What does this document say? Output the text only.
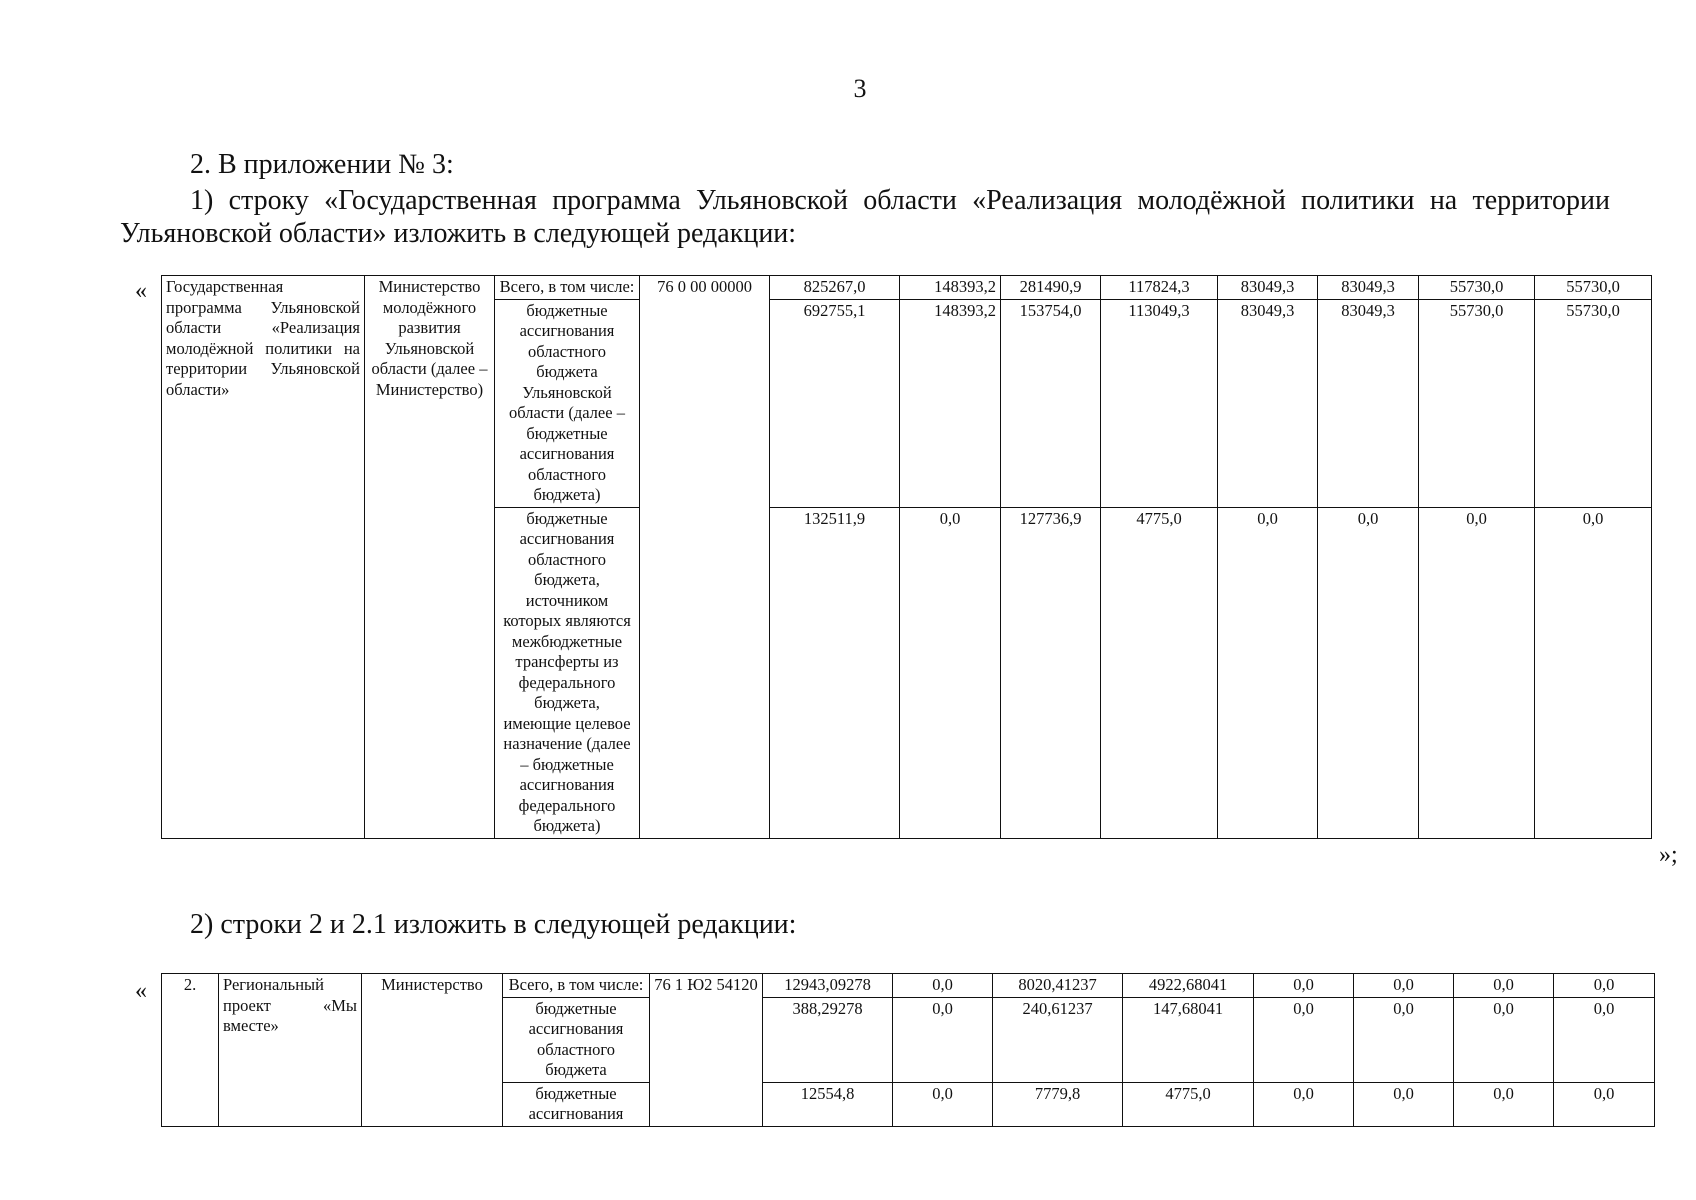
3
2. В приложении № 3:
1) строку «Государственная программа Ульяновской области «Реализация молодёжной политики на территории Ульяновской области» изложить в следующей редакции:
« Государственная программа Ульяновской области «Реализация молодёжной политики на территории Ульяновской области»	Министерство молодёжного развития Ульяновской области (далее – Министерство)	Всего, в том числе:	76 0 00 00000	825267,0	148393,2	281490,9	117824,3	83049,3	83049,3	55730,0	55730,0
		бюджетные ассигнования областного бюджета Ульяновской области (далее – бюджетные ассигнования областного бюджета)		692755,1	148393,2	153754,0	113049,3	83049,3	83049,3	55730,0	55730,0
		бюджетные ассигнования областного бюджета, источником которых являются межбюджетные трансферты из федерального бюджета, имеющие целевое назначение (далее – бюджетные ассигнования федерального бюджета)		132511,9	0,0	127736,9	4775,0	0,0	0,0	0,0	0,0
»;
2) строки 2 и 2.1 изложить в следующей редакции:
« 2.	Региональный проект «Мы вместе»	Министерство	Всего, в том числе:	76 1 Ю2 54120	12943,09278	0,0	8020,41237	4922,68041	0,0	0,0	0,0	0,0
			бюджетные ассигнования областного бюджета		388,29278	0,0	240,61237	147,68041	0,0	0,0	0,0	0,0
			бюджетные ассигнования		12554,8	0,0	7779,8	4775,0	0,0	0,0	0,0	0,0
